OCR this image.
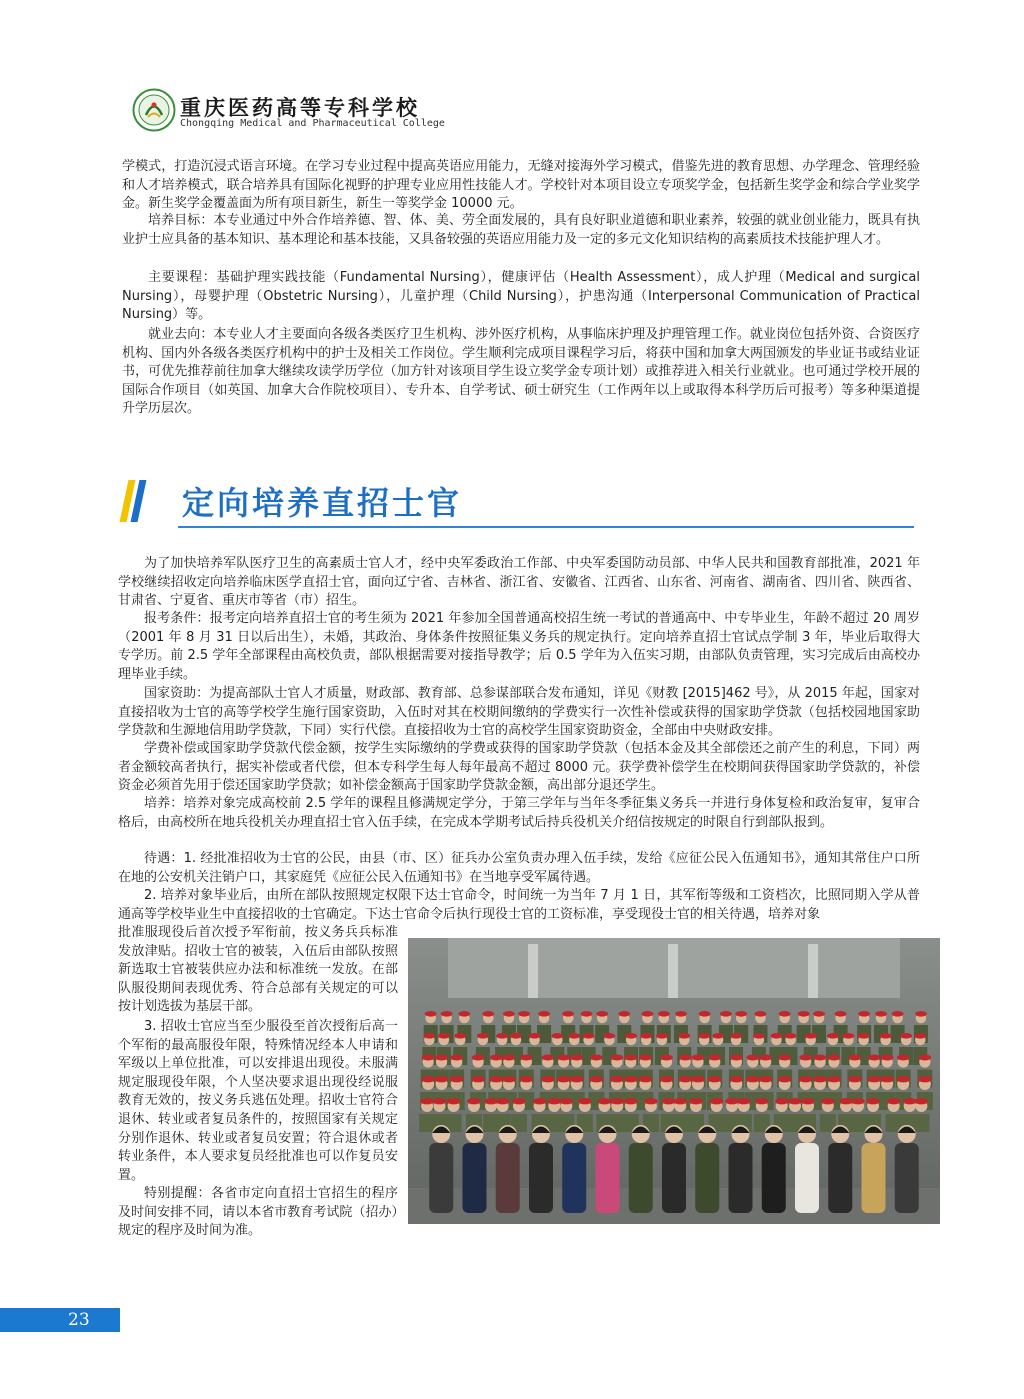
重庆医药高等专科学校
Chongqing Medical and Pharmaceutical College
学模式，打造沉浸式语言环境。在学习专业过程中提高英语应用能力，无缝对接海外学习模式，借鉴先进的教育思想、办学理念、管理经验和人才培养模式，联合培养具有国际化视野的护理专业应用性技能人才。学校针对本项目设立专项奖学金，包括新生奖学金和综合学业奖学金。新生奖学金覆盖面为所有项目新生，新生一等奖学金 10000 元。
培养目标：本专业通过中外合作培养德、智、体、美、劳全面发展的，具有良好职业道德和职业素养，较强的就业创业能力，既具有执业护士应具备的基本知识、基本理论和基本技能，又具备较强的英语应用能力及一定的多元文化知识结构的高素质技术技能护理人才。
主要课程：基础护理实践技能（Fundamental Nursing），健康评估（Health Assessment），成人护理（Medical and surgical Nursing），母婴护理（Obstetric Nursing），儿童护理（Child Nursing），护患沟通（Interpersonal Communication of Practical Nursing）等。
就业去向：本专业人才主要面向各级各类医疗卫生机构、涉外医疗机构，从事临床护理及护理管理工作。就业岗位包括外资、合资医疗机构、国内外各级各类医疗机构中的护士及相关工作岗位。学生顺利完成项目课程学习后，将获中国和加拿大两国颁发的毕业证书或结业证书，可优先推荐前往加拿大继续攻读学历学位（加方针对该项目学生设立奖学金专项计划）或推荐进入相关行业就业。也可通过学校开展的国际合作项目（如英国、加拿大合作院校项目）、专升本、自学考试、硕士研究生（工作两年以上或取得本科学历后可报考）等多种渠道提升学历层次。
定向培养直招士官
为了加快培养军队医疗卫生的高素质士官人才，经中央军委政治工作部、中央军委国防动员部、中华人民共和国教育部批准，2021 年学校继续招收定向培养临床医学直招士官，面向辽宁省、吉林省、浙江省、安徽省、江西省、山东省、河南省、湖南省、四川省、陕西省、甘肃省、宁夏省、重庆市等省（市）招生。
报考条件：报考定向培养直招士官的考生须为 2021 年参加全国普通高校招生统一考试的普通高中、中专毕业生，年龄不超过 20 周岁（2001 年 8 月 31 日以后出生），未婚，其政治、身体条件按照征集义务兵的规定执行。定向培养直招士官试点学制 3 年，毕业后取得大专学历。前 2.5 学年全部课程由高校负责，部队根据需要对接指导教学；后 0.5 学年为入伍实习期，由部队负责管理，实习完成后由高校办理毕业手续。
国家资助：为提高部队士官人才质量，财政部、教育部、总参谋部联合发布通知，详见《财教 [2015]462 号》，从 2015 年起，国家对直接招收为士官的高等学校学生施行国家资助，入伍时对其在校期间缴纳的学费实行一次性补偿或获得的国家助学贷款（包括校园地国家助学贷款和生源地信用助学贷款，下同）实行代偿。直接招收为士官的高校学生国家资助资金，全部由中央财政安排。
学费补偿或国家助学贷款代偿金额，按学生实际缴纳的学费或获得的国家助学贷款（包括本金及其全部偿还之前产生的利息，下同）两者金额较高者执行，据实补偿或者代偿，但本专科学生每人每年最高不超过 8000 元。获学费补偿学生在校期间获得国家助学贷款的，补偿资金必须首先用于偿还国家助学贷款；如补偿金额高于国家助学贷款金额，高出部分退还学生。
培养：培养对象完成高校前 2.5 学年的课程且修满规定学分，于第三学年与当年冬季征集义务兵一并进行身体复检和政治复审，复审合格后，由高校所在地兵役机关办理直招士官入伍手续，在完成本学期考试后持兵役机关介绍信按规定的时限自行到部队报到。
待遇：1. 经批准招收为士官的公民，由县（市、区）征兵办公室负责办理入伍手续，发给《应征公民入伍通知书》，通知其常住户口所在地的公安机关注销户口，其家庭凭《应征公民入伍通知书》在当地享受军属待遇。
2. 培养对象毕业后，由所在部队按照规定权限下达士官命令，时间统一为当年 7 月 1 日，其军衔等级和工资档次，比照同期入学从普通高等学校毕业生中直接招收的士官确定。下达士官命令后执行现役士官的工资标准，享受现役士官的相关待遇，培养对象
批准服现役后首次授予军衔前，按义务兵兵标准发放津贴。招收士官的被装，入伍后由部队按照新选取士官被装供应办法和标准统一发放。在部队服役期间表现优秀、符合总部有关规定的可以按计划选拔为基层干部。
3. 招收士官应当至少服役至首次授衔后高一个军衔的最高服役年限，特殊情况经本人申请和军级以上单位批准，可以安排退出现役。未服满规定服现役年限，个人坚决要求退出现役经说服教育无效的，按义务兵逃伍处理。招收士官符合退休、转业或者复员条件的，按照国家有关规定分别作退休、转业或者复员安置；符合退休或者转业条件，本人要求复员经批准也可以作复员安置。
特别提醒：各省市定向直招士官招生的程序及时间安排不同，请以本省市教育考试院（招办）规定的程序及时间为准。
23
